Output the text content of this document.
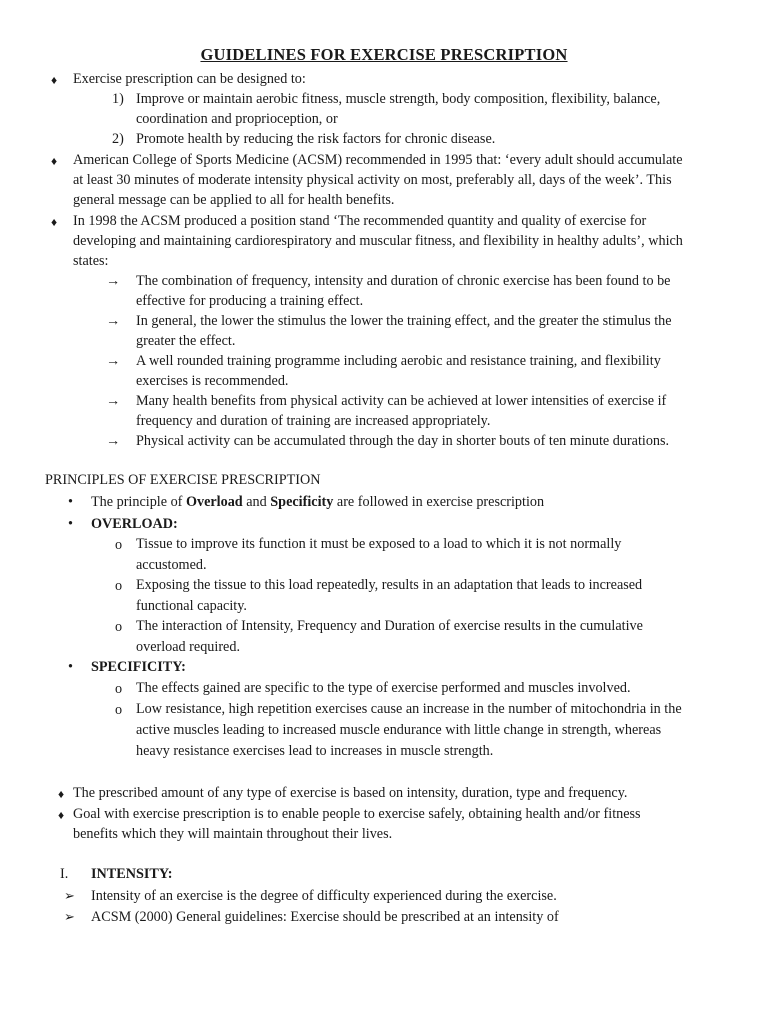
GUIDELINES FOR EXERCISE PRESCRIPTION
♦ Exercise prescription can be designed to:
1) Improve or maintain aerobic fitness, muscle strength, body composition, flexibility, balance,
coordination and proprioception, or
2) Promote health by reducing the risk factors for chronic disease.
♦ American College of Sports Medicine (ACSM) recommended in 1995 that: ‘every adult should accumulate
at least 30 minutes of moderate intensity physical activity on most, preferably all, days of the week’. This
general message can be applied to all for health benefits.
♦ In 1998 the ACSM produced a position stand ‘The recommended quantity and quality of exercise for
developing and maintaining cardiorespiratory and muscular fitness, and flexibility in healthy adults’, which
states:
→ The combination of frequency, intensity and duration of chronic exercise has been found to be
effective for producing a training effect.
→ In general, the lower the stimulus the lower the training effect, and the greater the stimulus the
greater the effect.
→ A well rounded training programme including aerobic and resistance training, and flexibility
exercises is recommended.
→ Many health benefits from physical activity can be achieved at lower intensities of exercise if
frequency and duration of training are increased appropriately.
→ Physical activity can be accumulated through the day in shorter bouts of ten minute durations.
PRINCIPLES OF EXERCISE PRESCRIPTION
• The principle of Overload and Specificity are followed in exercise prescription
• OVERLOAD:
o Tissue to improve its function it must be exposed to a load to which it is not normally
accustomed.
o Exposing the tissue to this load repeatedly, results in an adaptation that leads to increased
functional capacity.
o The interaction of Intensity, Frequency and Duration of exercise results in the cumulative
overload required.
• SPECIFICITY:
o The effects gained are specific to the type of exercise performed and muscles involved.
o Low resistance, high repetition exercises cause an increase in the number of mitochondria in the
active muscles leading to increased muscle endurance with little change in strength, whereas
heavy resistance exercises lead to increases in muscle strength.
♦ The prescribed amount of any type of exercise is based on intensity, duration, type and frequency.
♦ Goal with exercise prescription is to enable people to exercise safely, obtaining health and/or fitness
benefits which they will maintain throughout their lives.
I. INTENSITY:
➢ Intensity of an exercise is the degree of difficulty experienced during the exercise.
➢ ACSM (2000) General guidelines: Exercise should be prescribed at an intensity of
